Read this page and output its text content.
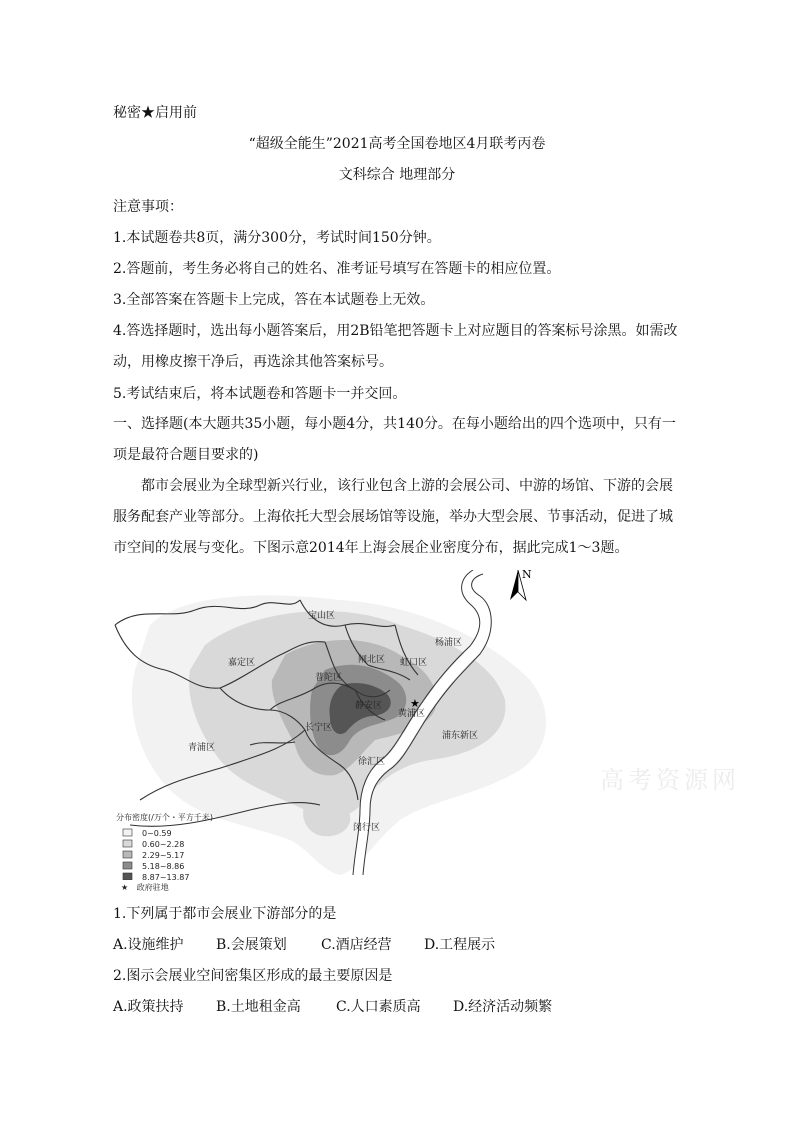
秘密★启用前
“超级全能生”2021高考全国卷地区4月联考丙卷
文科综合 地理部分
注意事项：
1.本试题卷共8页，满分300分，考试时间150分钟。
2.答题前，考生务必将自己的姓名、准考证号填写在答题卡的相应位置。
3.全部答案在答题卡上完成，答在本试题卷上无效。
4.答选择题时，选出每小题答案后，用2B铅笔把答题卡上对应题目的答案标号涂黑。如需改动，用橡皮擦干净后，再选涂其他答案标号。
5.考试结束后，将本试题卷和答题卡一并交回。
一、选择题(本大题共35小题，每小题4分，共140分。在每小题给出的四个选项中，只有一项是最符合题目要求的)
都市会展业为全球型新兴行业，该行业包含上游的会展公司、中游的场馆、下游的会展服务配套产业等部分。上海依托大型会展场馆等设施，举办大型会展、节事活动，促进了城市空间的发展与变化。下图示意2014年上海会展企业密度分布，据此完成1～3题。
宝山区
嘉定区	闸北区 虹口区
杨浦区
普陀区
静安区
黄浦区
长宁区
浦东新区
青浦区
徐汇区
闵行区
★
N
分布密度(/万个・平方千米)
0~0.59
0.60~2.28
2.29~5.17
5.18~8.86
8.87~13.87
★ 政府驻地
高考资源网
1.下列属于都市会展业下游部分的是
A.设施维护	B.会展策划	C.酒店经营	D.工程展示
2.图示会展业空间密集区形成的最主要原因是
A.政策扶持	B.土地租金高	C.人口素质高	D.经济活动频繁
